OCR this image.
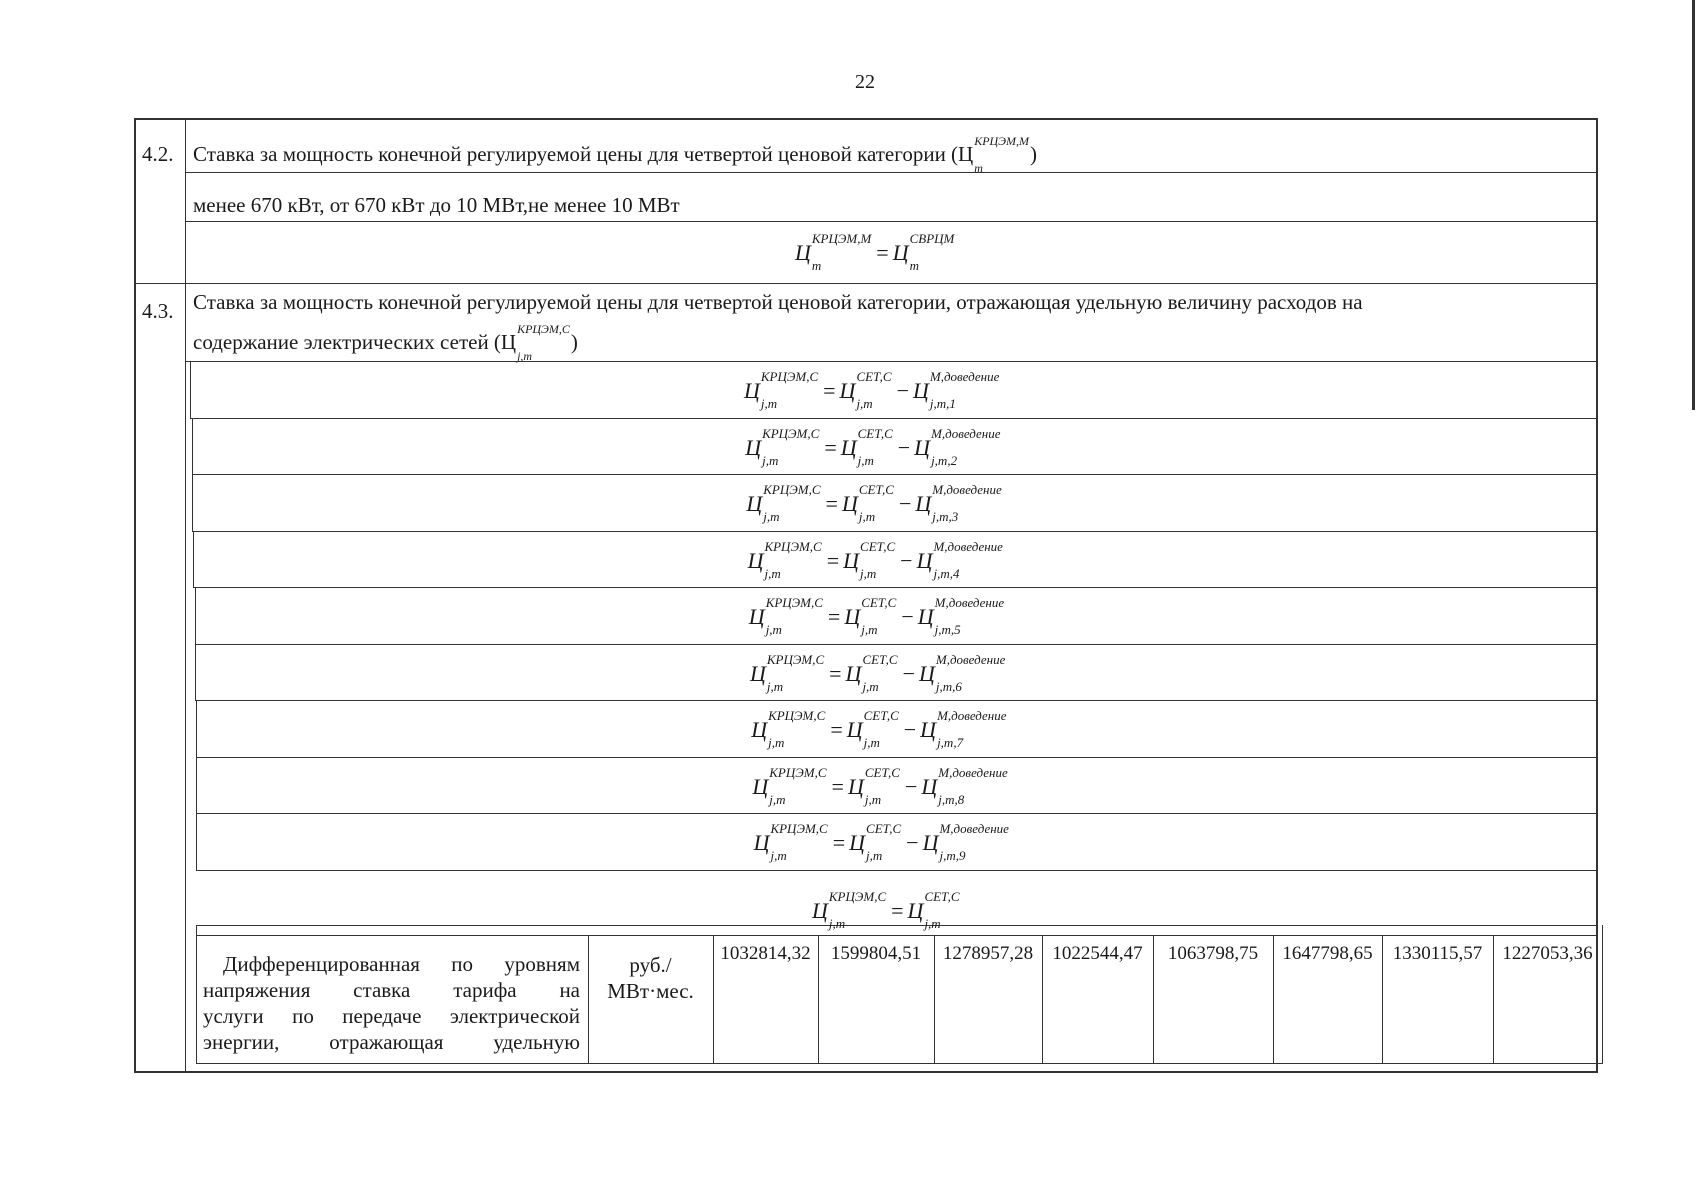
22
4.2. Ставка за мощность конечной регулируемой цены для четвертой ценовой категории (Ц
КРЦЭМ,М
m
)
менее 670 кВт, от 670 кВт до 10 МВт,не менее 10 МВт
Ц
КРЦЭМ,М
m
= Ц
СВРЦМ
m
4.3. Ставка за мощность конечной регулируемой цены для четвертой ценовой категории, отражающая удельную величину расходов на
содержание электрических сетей (Ц
КРЦЭМ,С
j,m
)
Ц
КРЦЭМ,С
j,m
= Ц
СЕТ,С
j,m
− Ц
М,доведение
j,m,1
Ц
КРЦЭМ,С
j,m
= Ц
СЕТ,С
j,m
− Ц
М,доведение
j,m,2
Ц
КРЦЭМ,С
j,m
= Ц
СЕТ,С
j,m
− Ц
М,доведение
j,m,3
Ц
КРЦЭМ,С
j,m
= Ц
СЕТ,С
j,m
− Ц
М,доведение
j,m,4
Ц
КРЦЭМ,С
j,m
= Ц
СЕТ,С
j,m
− Ц
М,доведение
j,m,5
Ц
КРЦЭМ,С
j,m
= Ц
СЕТ,С
j,m
− Ц
М,доведение
j,m,6
Ц
КРЦЭМ,С
j,m
= Ц
СЕТ,С
j,m
− Ц
М,доведение
j,m,7
Ц
КРЦЭМ,С
j,m
= Ц
СЕТ,С
j,m
− Ц
М,доведение
j,m,8
Ц
КРЦЭМ,С
j,m
= Ц
СЕТ,С
j,m
− Ц
М,доведение
j,m,9
Ц
КРЦЭМ,С
j,m
= Ц
СЕТ,С
j,m
Дифференцированная по уровням
напряжения ставка тарифа на
услуги по передаче электрической
энергии, отражающая удельную
руб./
МВт·мес.
1032814,32	1599804,51	1278957,28	1022544,47	1063798,75	1647798,65	1330115,57	1227053,36
